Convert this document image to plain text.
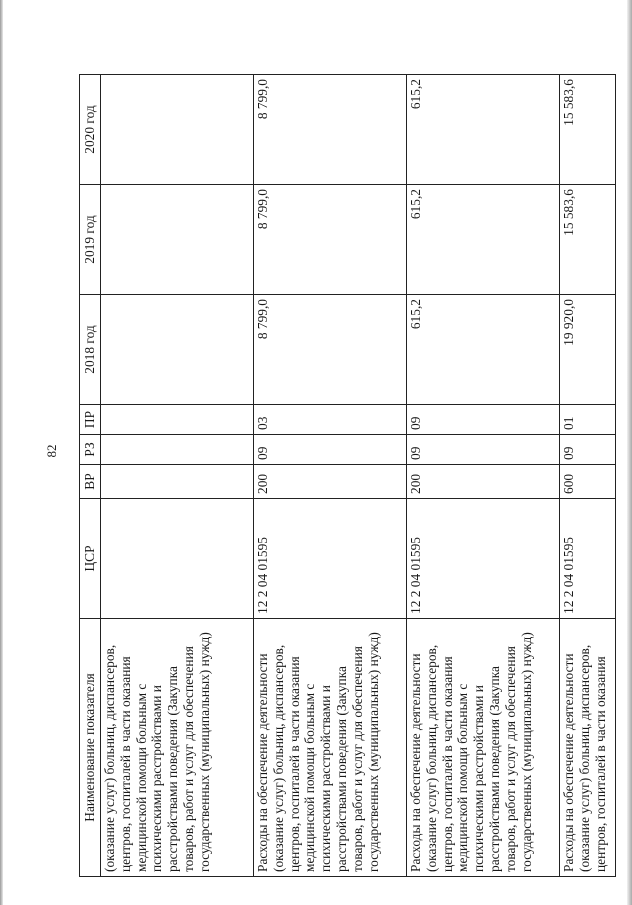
82
Наименование показателя	ЦСР	ВР	РЗ	ПР	2018 год	2019 год	2020 год
(оказание услуг) больниц, диспансеров, центров, госпиталей в части оказания медицинской помощи больным с психическими расстройствами и расстройствами поведения (Закупка товаров, работ и услуг для обеспечения государственных (муниципальных) нужд)							
Расходы на обеспечение деятельности (оказание услуг) больниц, диспансеров, центров, госпиталей в части оказания медицинской помощи больным с психическими расстройствами и расстройствами поведения (Закупка товаров, работ и услуг для обеспечения государственных (муниципальных) нужд)	12 2 04 01595	200	09	03	8 799,0	8 799,0	8 799,0
Расходы на обеспечение деятельности (оказание услуг) больниц, диспансеров, центров, госпиталей в части оказания медицинской помощи больным с психическими расстройствами и расстройствами поведения (Закупка товаров, работ и услуг для обеспечения государственных (муниципальных) нужд)	12 2 04 01595	200	09	09	615,2	615,2	615,2
Расходы на обеспечение деятельности (оказание услуг) больниц, диспансеров, центров, госпиталей в части оказания	12 2 04 01595	600	09	01	19 920,0	15 583,6	15 583,6
